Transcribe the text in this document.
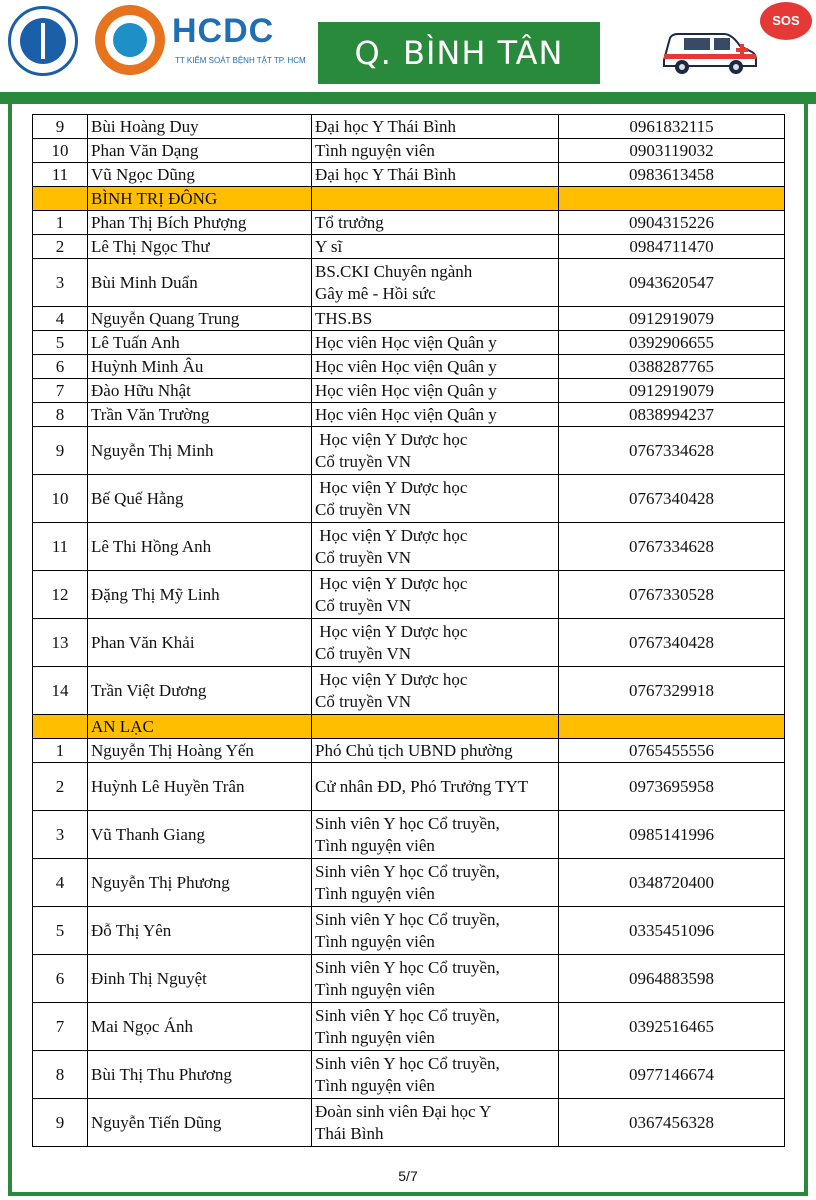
HCDC
TT KIỂM SOÁT BỆNH TẬT TP. HCM	Q. BÌNH TÂN
SOS
9	Bùi Hoàng Duy	Đại học Y Thái Bình	0961832115
10	Phan Văn Dạng	Tình nguyện viên	0903119032
11	Vũ Ngọc Dũng	Đại học Y Thái Bình	0983613458
	BÌNH TRỊ ĐÔNG		
1	Phan Thị Bích Phượng	Tổ trưởng	0904315226
2	Lê Thị Ngọc Thư	Y sĩ	0984711470
3	Bùi Minh Duẩn	BS.CKI Chuyên ngành
Gây mê - Hồi sức	0943620547
4	Nguyễn Quang Trung	THS.BS	0912919079
5	Lê Tuấn Anh	Học viên Học viện Quân y	0392906655
6	Huỳnh Minh Âu	Học viên Học viện Quân y	0388287765
7	Đào Hữu Nhật	Học viên Học viện Quân y	0912919079
8	Trần Văn Trường	Học viên Học viện Quân y	0838994237
9	Nguyễn Thị Minh	Học viện Y Dược học
Cổ truyền VN	0767334628
10	Bế Quế Hằng	Học viện Y Dược học
Cổ truyền VN	0767340428
11	Lê Thi Hồng Anh	Học viện Y Dược học
Cổ truyền VN	0767334628
12	Đặng Thị Mỹ Linh	Học viện Y Dược học
Cổ truyền VN	0767330528
13	Phan Văn Khải	Học viện Y Dược học
Cổ truyền VN	0767340428
14	Trần Việt Dương	Học viện Y Dược học
Cổ truyền VN	0767329918
	AN LẠC		
1	Nguyễn Thị Hoàng Yến	Phó Chủ tịch UBND phường	0765455556
2	Huỳnh Lê Huyền Trân	Cử nhân ĐD, Phó Trưởng TYT	0973695958
3	Vũ Thanh Giang	Sinh viên Y học Cổ truyền,
Tình nguyện viên	0985141996
4	Nguyễn Thị Phương	Sinh viên Y học Cổ truyền,
Tình nguyện viên	0348720400
5	Đỗ Thị Yên	Sinh viên Y học Cổ truyền,
Tình nguyện viên	0335451096
6	Đinh Thị Nguyệt	Sinh viên Y học Cổ truyền,
Tình nguyện viên	0964883598
7	Mai Ngọc Ánh	Sinh viên Y học Cổ truyền,
Tình nguyện viên	0392516465
8	Bùi Thị Thu Phương	Sinh viên Y học Cổ truyền,
Tình nguyện viên	0977146674
9	Nguyễn Tiến Dũng	Đoàn sinh viên Đại học Y
Thái Bình	0367456328
5/7
